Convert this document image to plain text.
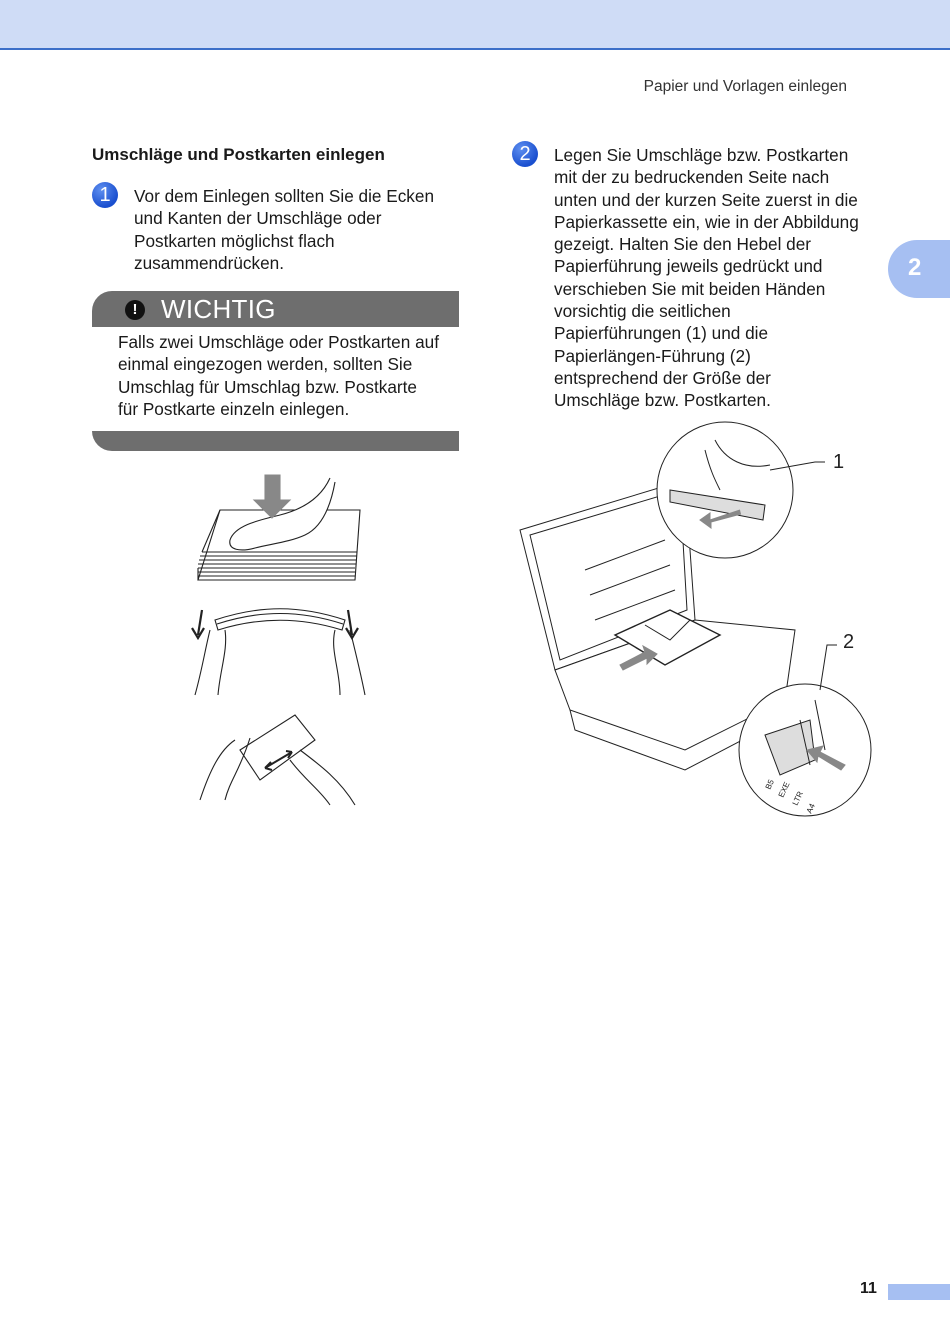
Papier und Vorlagen einlegen
Umschläge und Postkarten einlegen
1	Vor dem Einlegen sollten Sie die Ecken
und Kanten der Umschläge oder
Postkarten möglichst flach
zusammendrücken.
! WICHTIG
Falls zwei Umschläge oder Postkarten auf
einmal eingezogen werden, sollten Sie
Umschlag für Umschlag bzw. Postkarte
für Postkarte einzeln einlegen.
2	Legen Sie Umschläge bzw. Postkarten
mit der zu bedruckenden Seite nach
unten und der kurzen Seite zuerst in die
Papierkassette ein, wie in der Abbildung
gezeigt. Halten Sie den Hebel der
Papierführung jeweils gedrückt und
verschieben Sie mit beiden Händen
vorsichtig die seitlichen
Papierführungen (1) und die
Papierlängen-Führung (2)
entsprechend der Größe der
Umschläge bzw. Postkarten.
2
1
B5 EXE LTR
A4
2
11
